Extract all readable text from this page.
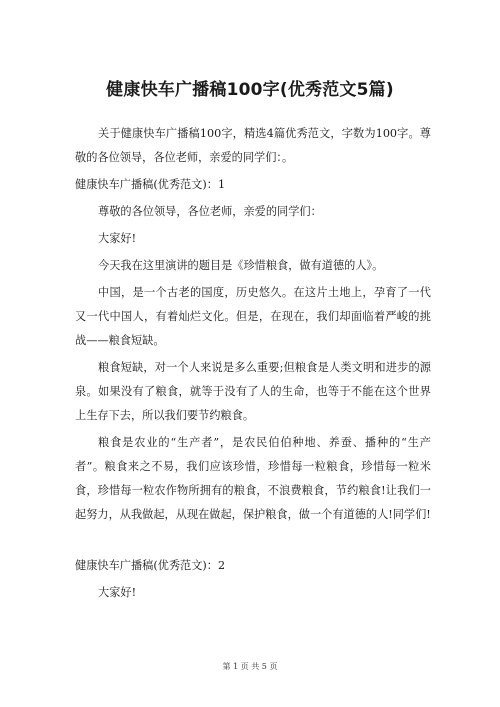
健康快车广播稿100字(优秀范文5篇)

关于健康快车广播稿100字，精选4篇优秀范文，字数为100字。尊敬的各位领导，各位老师，亲爱的同学们：。

健康快车广播稿(优秀范文)：1

尊敬的各位领导，各位老师，亲爱的同学们：

大家好!

今天我在这里演讲的题目是《珍惜粮食，做有道德的人》。

中国，是一个古老的国度，历史悠久。在这片土地上，孕育了一代又一代中国人，有着灿烂文化。但是，在现在，我们却面临着严峻的挑战——粮食短缺。

粮食短缺，对一个人来说是多么重要;但粮食是人类文明和进步的源泉。如果没有了粮食，就等于没有了人的生命，也等于不能在这个世界上生存下去，所以我们要节约粮食。

粮食是农业的“生产者”，是农民伯伯种地、养蚕、播种的“生产者”。粮食来之不易，我们应该珍惜，珍惜每一粒粮食，珍惜每一粒米食，珍惜每一粒农作物所拥有的粮食，不浪费粮食，节约粮食!让我们一起努力，从我做起，从现在做起，保护粮食，做一个有道德的人!同学们!

健康快车广播稿(优秀范文)：2

大家好!

第 1 页 共 5 页
